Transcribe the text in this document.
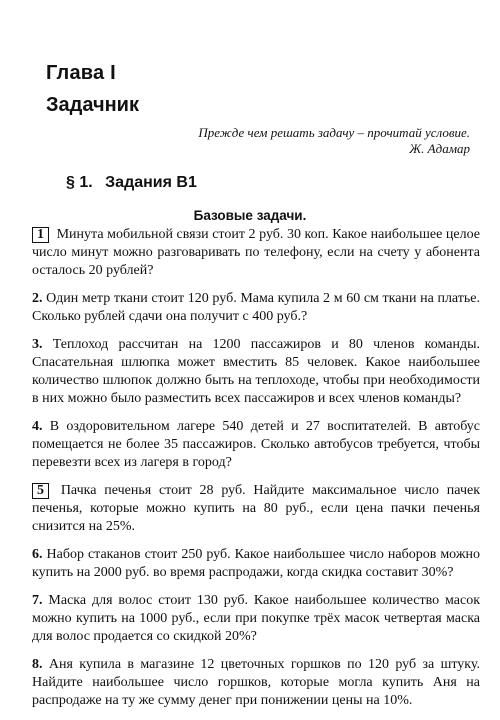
Глава I
Задачник
Прежде чем решать задачу – прочитай условие.
Ж. Адамар
§ 1. Задания B1
Базовые задачи.
1 Минута мобильной связи стоит 2 руб. 30 коп. Какое наибольшее целое число минут можно разговаривать по телефону, если на счету у абонента осталось 20 рублей?
2. Один метр ткани стоит 120 руб. Мама купила 2 м 60 см ткани на платье. Сколько рублей сдачи она получит с 400 руб.?
3. Теплоход рассчитан на 1200 пассажиров и 80 членов команды. Спасательная шлюпка может вместить 85 человек. Какое наибольшее количество шлюпок должно быть на теплоходе, чтобы при необходимости в них можно было разместить всех пассажиров и всех членов команды?
4. В оздоровительном лагере 540 детей и 27 воспитателей. В автобус помещается не более 35 пассажиров. Сколько автобусов требуется, чтобы перевезти всех из лагеря в город?
5 Пачка печенья стоит 28 руб. Найдите максимальное число пачек печенья, которые можно купить на 80 руб., если цена пачки печенья снизится на 25%.
6. Набор стаканов стоит 250 руб. Какое наибольшее число наборов можно купить на 2000 руб. во время распродажи, когда скидка составит 30%?
7. Маска для волос стоит 130 руб. Какое наибольшее количество масок можно купить на 1000 руб., если при покупке трёх масок четвертая маска для волос продается со скидкой 20%?
8. Аня купила в магазине 12 цветочных горшков по 120 руб за штуку. Найдите наибольшее число горшков, которые могла купить Аня на распродаже на ту же сумму денег при понижении цены на 10%.
